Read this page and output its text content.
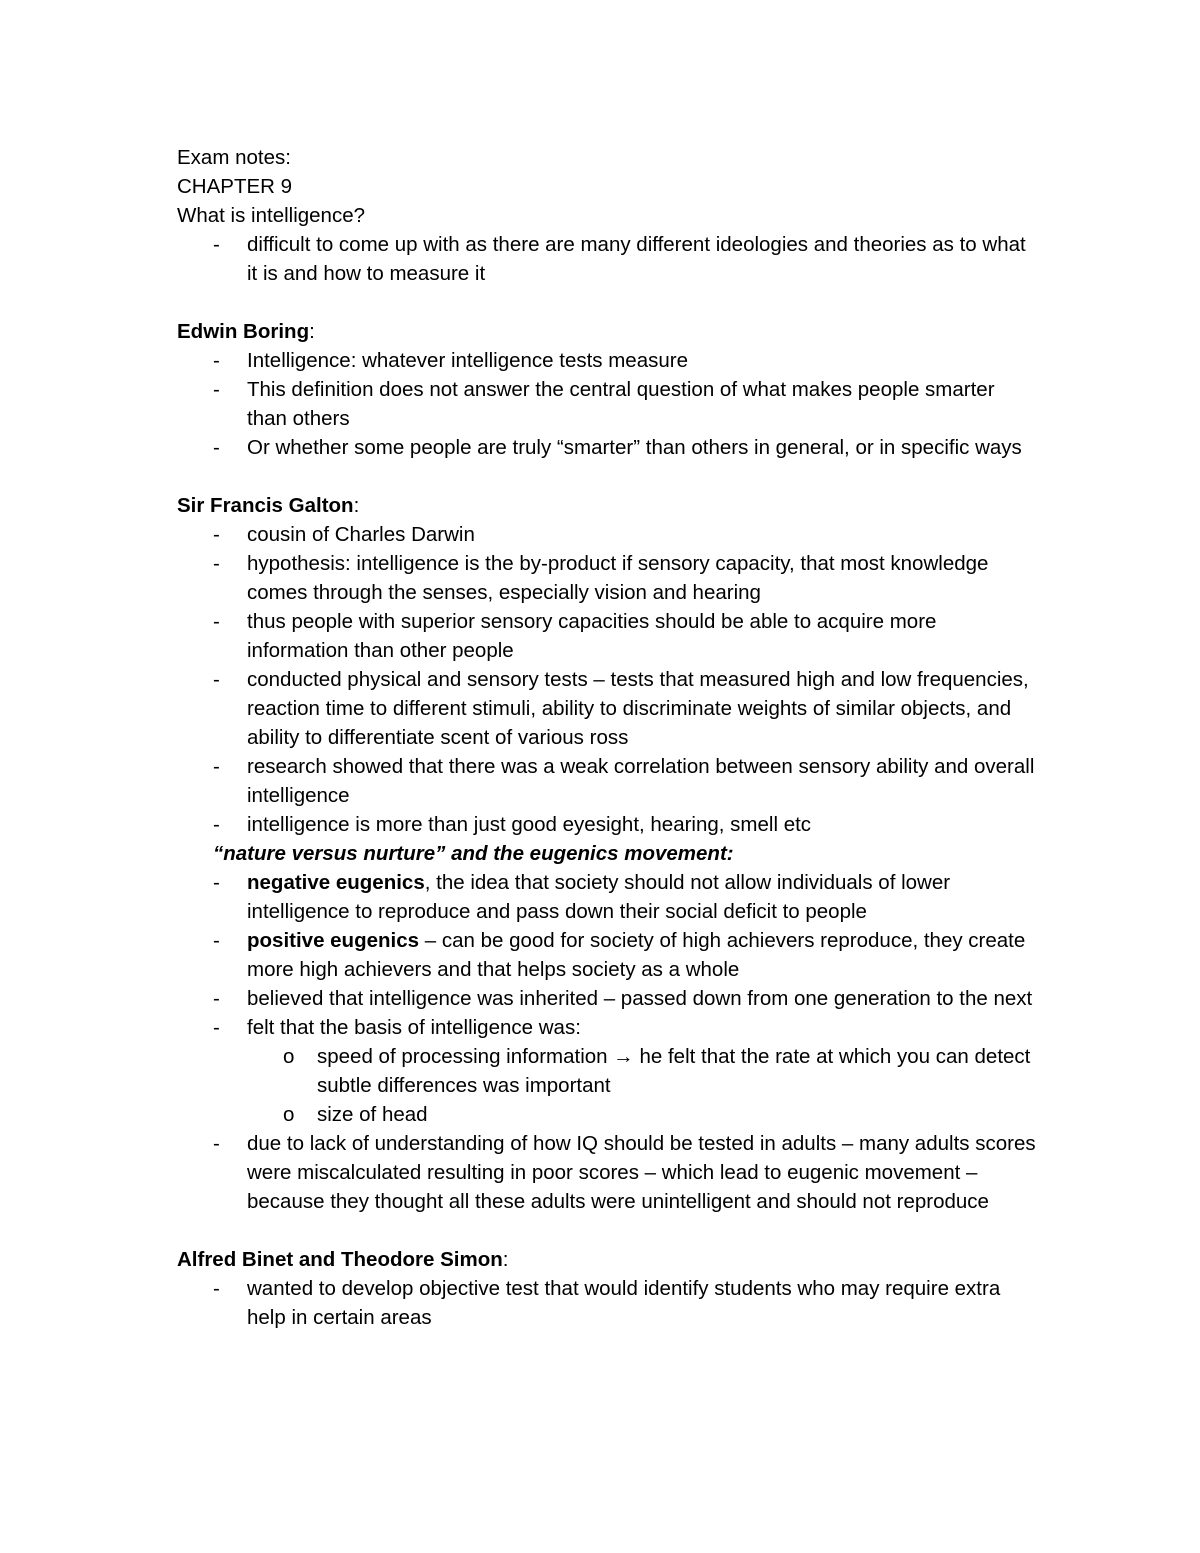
Exam notes:

CHAPTER 9

What is intelligence?

- difficult to come up with as there are many different ideologies and theories as to what it is and how to measure it

Edwin Boring:

- Intelligence: whatever intelligence tests measure
- This definition does not answer the central question of what makes people smarter than others
- Or whether some people are truly “smarter” than others in general, or in specific ways

Sir Francis Galton:

- cousin of Charles Darwin
- hypothesis: intelligence is the by-product if sensory capacity, that most knowledge comes through the senses, especially vision and hearing
- thus people with superior sensory capacities should be able to acquire more information than other people
- conducted physical and sensory tests – tests that measured high and low frequencies, reaction time to different stimuli, ability to discriminate weights of similar objects, and ability to differentiate scent of various ross
- research showed that there was a weak correlation between sensory ability and overall intelligence
- intelligence is more than just good eyesight, hearing, smell etc

“nature versus nurture” and the eugenics movement:

- negative eugenics, the idea that society should not allow individuals of lower intelligence to reproduce and pass down their social deficit to people
- positive eugenics – can be good for society of high achievers reproduce, they create more high achievers and that helps society as a whole
- believed that intelligence was inherited – passed down from one generation to the next
- felt that the basis of intelligence was:
o speed of processing information → he felt that the rate at which you can detect subtle differences was important
o size of head
- due to lack of understanding of how IQ should be tested in adults – many adults scores were miscalculated resulting in poor scores – which lead to eugenic movement – because they thought all these adults were unintelligent and should not reproduce

Alfred Binet and Theodore Simon:

- wanted to develop objective test that would identify students who may require extra help in certain areas
